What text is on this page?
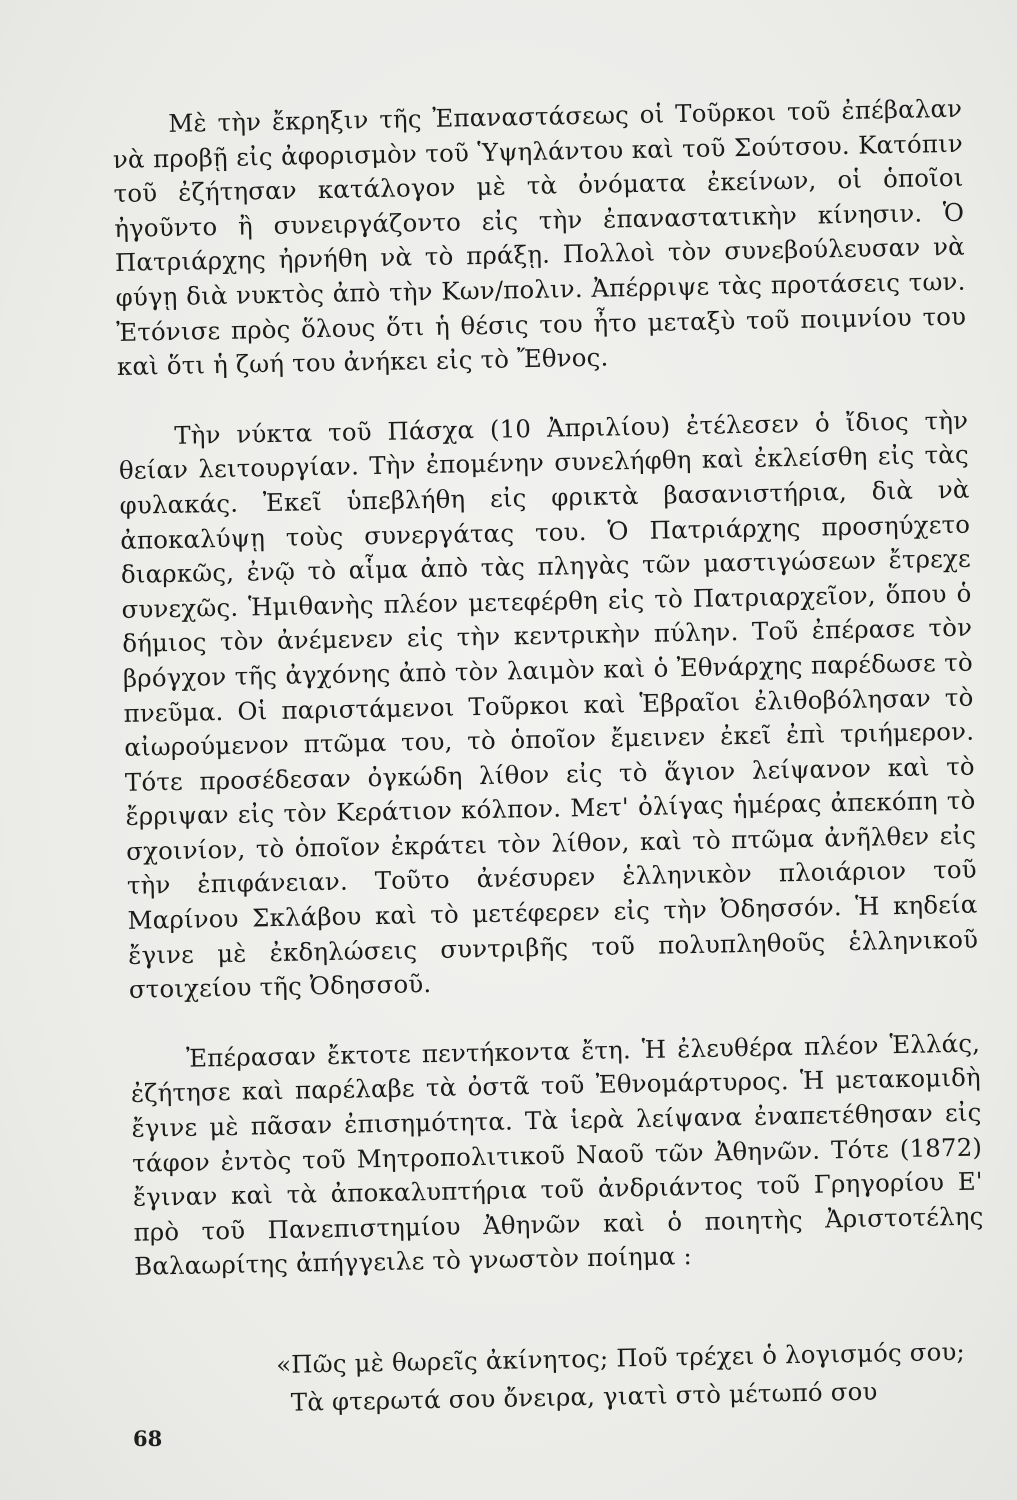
Μὲ τὴν ἔκρηξιν τῆς Ἐπαναστάσεως οἱ Τοῦρκοι τοῦ ἐπέβαλαν νὰ προβῇ εἰς ἀφορισμὸν τοῦ Ὑψηλάντου καὶ τοῦ Σούτσου. Κατόπιν τοῦ ἐζήτησαν κατάλογον μὲ τὰ ὀνόματα ἐκείνων, οἱ ὁποῖοι ἠγοῦντο ἢ συνειργάζοντο εἰς τὴν ἐπαναστατικὴν κίνησιν. Ὁ Πατριάρχης ἠρνήθη νὰ τὸ πράξῃ. Πολλοὶ τὸν συνεβούλευσαν νὰ φύγῃ διὰ νυκτὸς ἀπὸ τὴν Κων/πολιν. Ἀπέρριψε τὰς προτάσεις των. Ἐτόνισε πρὸς ὅλους ὅτι ἡ θέσις του ἦτο μεταξὺ τοῦ ποιμνίου του καὶ ὅτι ἡ ζωή του ἀνήκει εἰς τὸ Ἔθνος.

Τὴν νύκτα τοῦ Πάσχα (10 Ἀπριλίου) ἐτέλεσεν ὁ ἴδιος τὴν θείαν λειτουργίαν. Τὴν ἐπομένην συνελήφθη καὶ ἐκλείσθη εἰς τὰς φυλακάς. Ἐκεῖ ὑπεβλήθη εἰς φρικτὰ βασανιστήρια, διὰ νὰ ἀποκαλύψῃ τοὺς συνεργάτας του. Ὁ Πατριάρχης προσηύχετο διαρκῶς, ἐνῷ τὸ αἷμα ἀπὸ τὰς πληγὰς τῶν μαστιγώσεων ἔτρεχε συνεχῶς. Ἡμιθανὴς πλέον μετεφέρθη εἰς τὸ Πατριαρχεῖον, ὅπου ὁ δήμιος τὸν ἀνέμενεν εἰς τὴν κεντρικὴν πύλην. Τοῦ ἐπέρασε τὸν βρόγχον τῆς ἀγχόνης ἀπὸ τὸν λαιμὸν καὶ ὁ Ἐθνάρχης παρέδωσε τὸ πνεῦμα. Οἱ παριστάμενοι Τοῦρκοι καὶ Ἑβραῖοι ἐλιθοβόλησαν τὸ αἰωρούμενον πτῶμα του, τὸ ὁποῖον ἔμεινεν ἐκεῖ ἐπὶ τριήμερον. Τότε προσέδεσαν ὀγκώδη λίθον εἰς τὸ ἅγιον λείψανον καὶ τὸ ἔρριψαν εἰς τὸν Κεράτιον κόλπον. Μετ' ὀλίγας ἡμέρας ἀπεκόπη τὸ σχοινίον, τὸ ὁποῖον ἐκράτει τὸν λίθον, καὶ τὸ πτῶμα ἀνῆλθεν εἰς τὴν ἐπιφάνειαν. Τοῦτο ἀνέσυρεν ἑλληνικὸν πλοιάριον τοῦ Μαρίνου Σκλάβου καὶ τὸ μετέφερεν εἰς τὴν Ὀδησσόν. Ἡ κηδεία ἔγινε μὲ ἐκδηλώσεις συντριβῆς τοῦ πολυπληθοῦς ἑλληνικοῦ στοιχείου τῆς Ὀδησσοῦ.

Ἐπέρασαν ἔκτοτε πεντήκοντα ἔτη. Ἡ ἐλευθέρα πλέον Ἑλλάς, ἐζήτησε καὶ παρέλαβε τὰ ὀστᾶ τοῦ Ἐθνομάρτυρος. Ἡ μετακομιδὴ ἔγινε μὲ πᾶσαν ἐπισημότητα. Τὰ ἱερὰ λείψανα ἐναπετέθησαν εἰς τάφον ἐντὸς τοῦ Μητροπολιτικοῦ Ναοῦ τῶν Ἀθηνῶν. Τότε (1872) ἔγιναν καὶ τὰ ἀποκαλυπτήρια τοῦ ἀνδριάντος τοῦ Γρηγορίου Ε' πρὸ τοῦ Πανεπιστημίου Ἀθηνῶν καὶ ὁ ποιητὴς Ἀριστοτέλης Βαλαωρίτης ἀπήγγειλε τὸ γνωστὸν ποίημα :

«Πῶς μὲ θωρεῖς ἀκίνητος; Ποῦ τρέχει ὁ λογισμός σου;
Τὰ φτερωτά σου ὄνειρα, γιατὶ στὸ μέτωπό σου
68
